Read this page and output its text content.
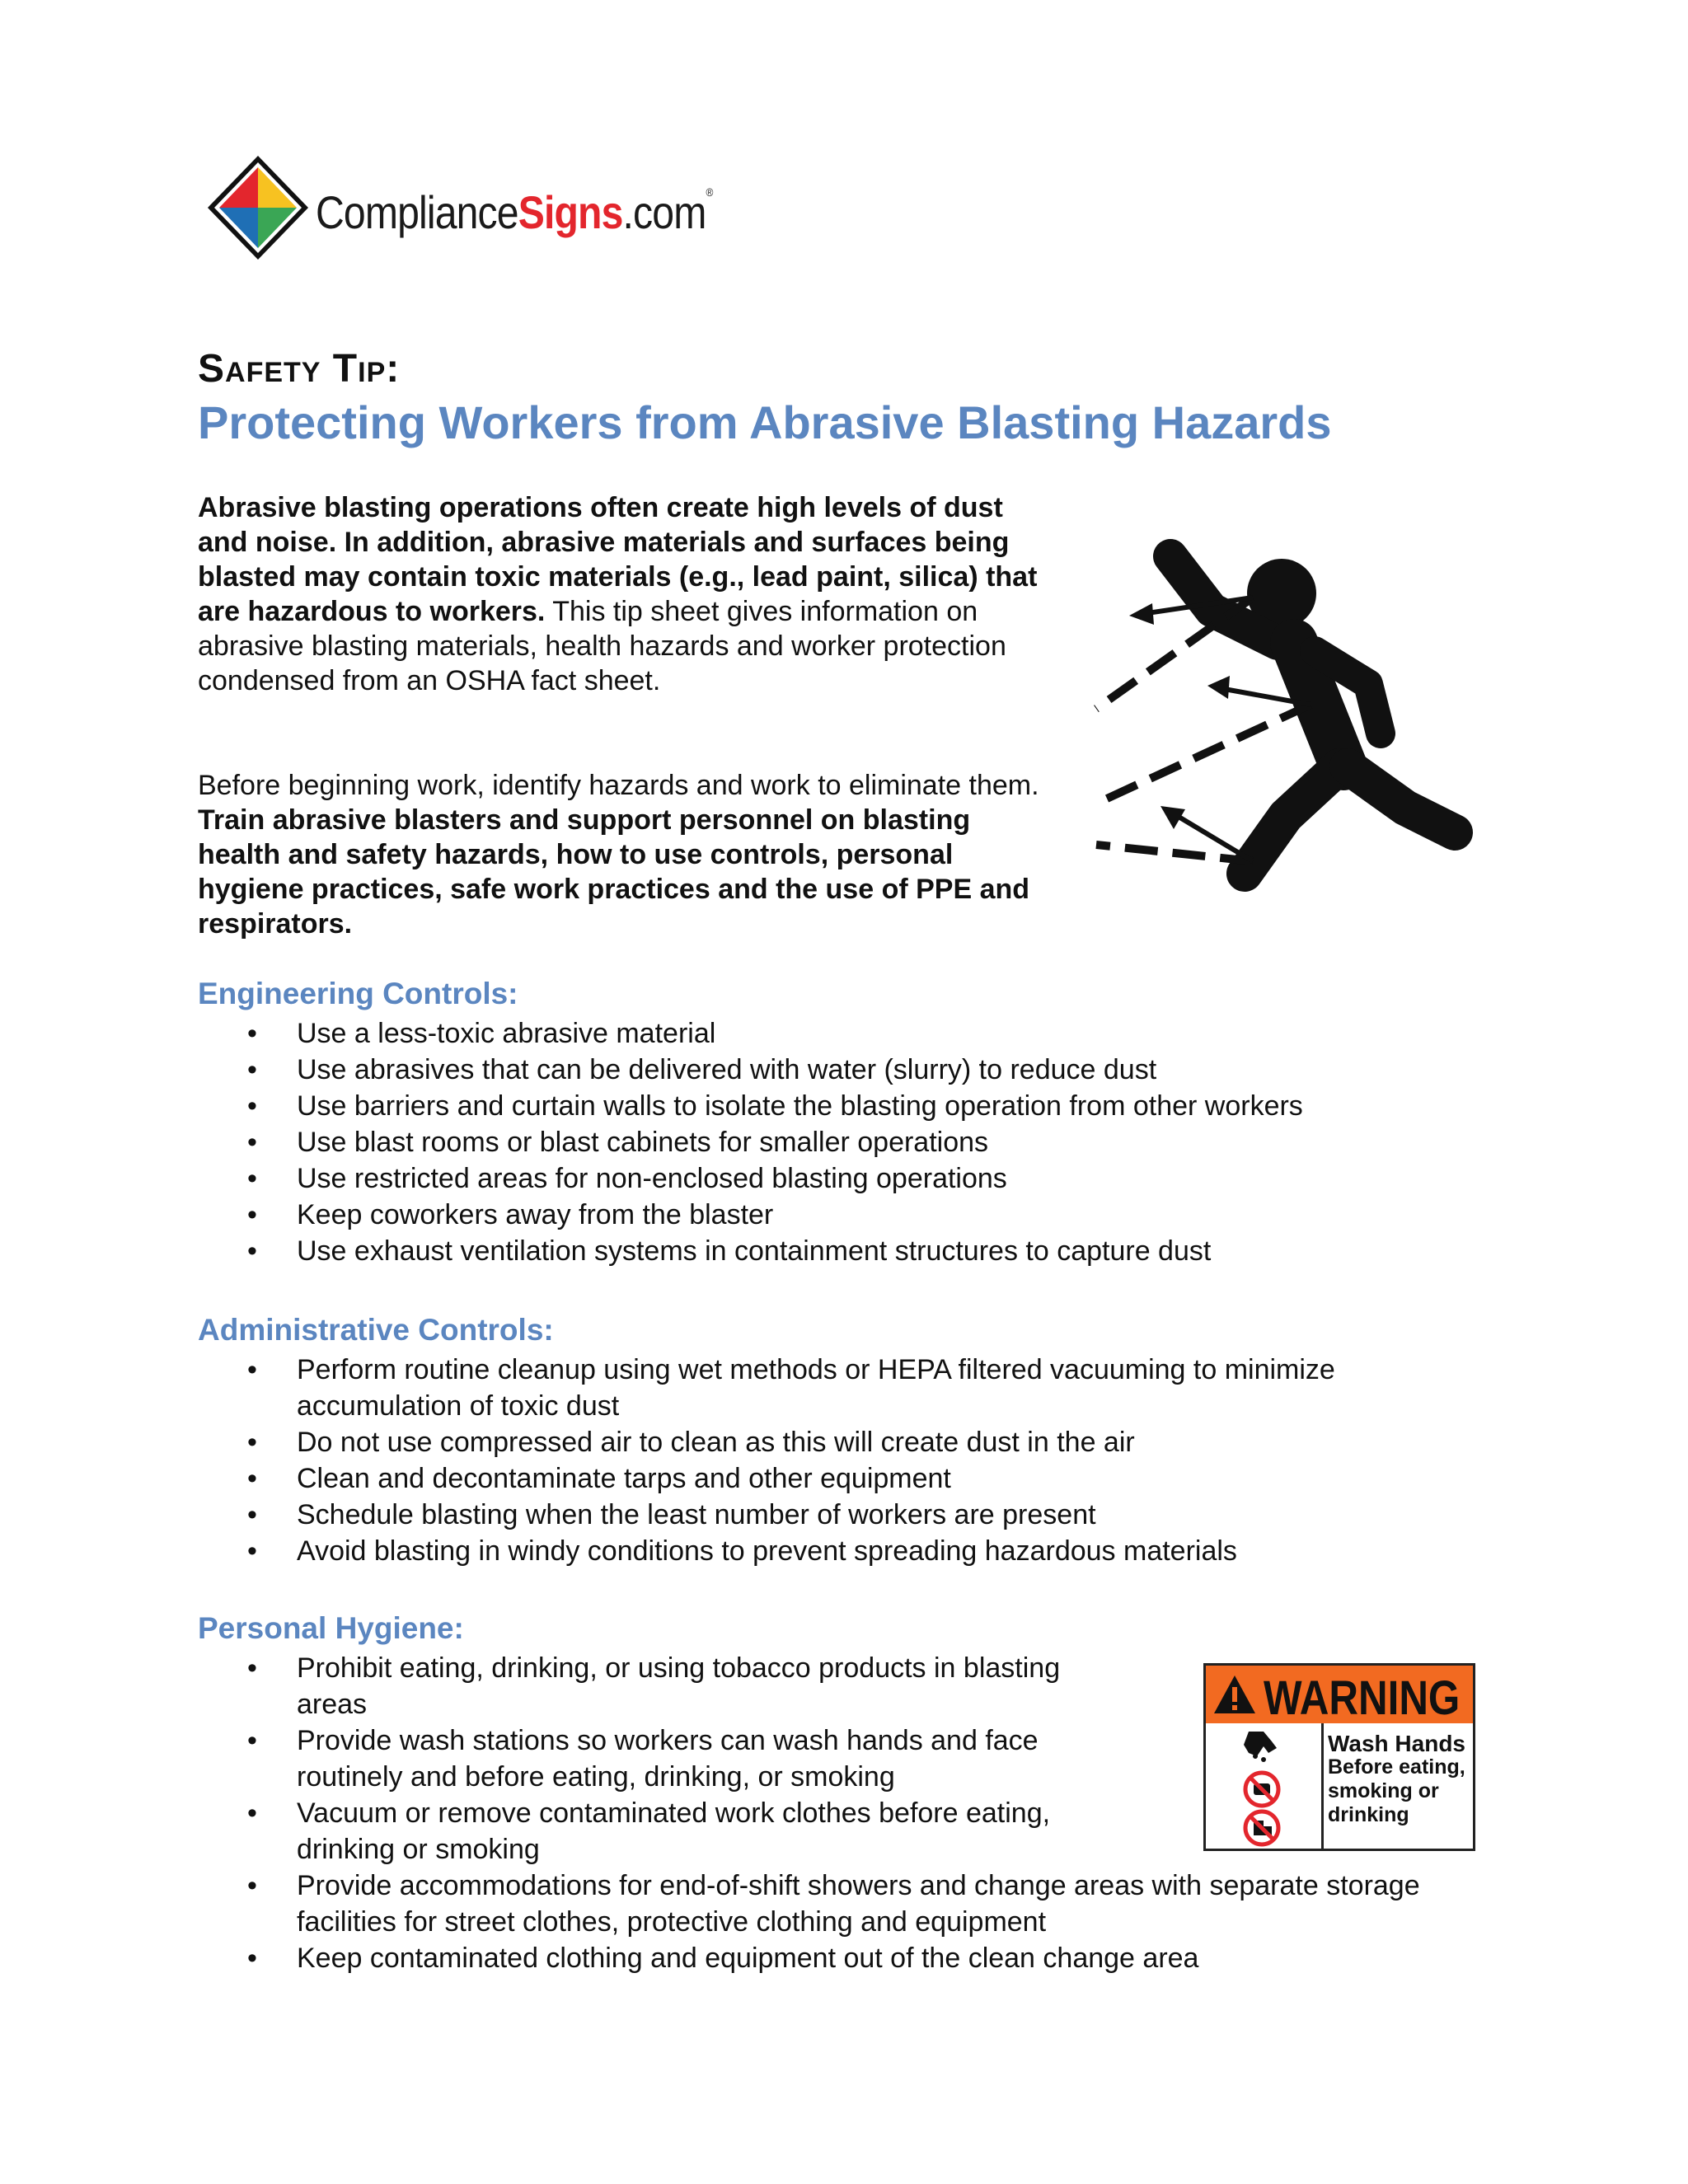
ComplianceSigns.com®
Safety Tip:
Protecting Workers from Abrasive Blasting Hazards
Abrasive blasting operations often create high levels of dust and noise. In addition, abrasive materials and surfaces being blasted may contain toxic materials (e.g., lead paint, silica) that are hazardous to workers. This tip sheet gives information on abrasive blasting materials, health hazards and worker protection condensed from an OSHA fact sheet.
Before beginning work, identify hazards and work to eliminate them. Train abrasive blasters and support personnel on blasting health and safety hazards, how to use controls, personal hygiene practices, safe work practices and the use of PPE and respirators.
Engineering Controls:
• Use a less-toxic abrasive material
• Use abrasives that can be delivered with water (slurry) to reduce dust
• Use barriers and curtain walls to isolate the blasting operation from other workers
• Use blast rooms or blast cabinets for smaller operations
• Use restricted areas for non-enclosed blasting operations
• Keep coworkers away from the blaster
• Use exhaust ventilation systems in containment structures to capture dust
Administrative Controls:
• Perform routine cleanup using wet methods or HEPA filtered vacuuming to minimize accumulation of toxic dust
• Do not use compressed air to clean as this will create dust in the air
• Clean and decontaminate tarps and other equipment
• Schedule blasting when the least number of workers are present
• Avoid blasting in windy conditions to prevent spreading hazardous materials
Personal Hygiene:
• Prohibit eating, drinking, or using tobacco products in blasting areas
• Provide wash stations so workers can wash hands and face routinely and before eating, drinking, or smoking
• Vacuum or remove contaminated work clothes before eating, drinking or smoking
• Provide accommodations for end-of-shift showers and change areas with separate storage facilities for street clothes, protective clothing and equipment
• Keep contaminated clothing and equipment out of the clean change area
WARNING
Wash Hands
Before eating,
smoking or
drinking
